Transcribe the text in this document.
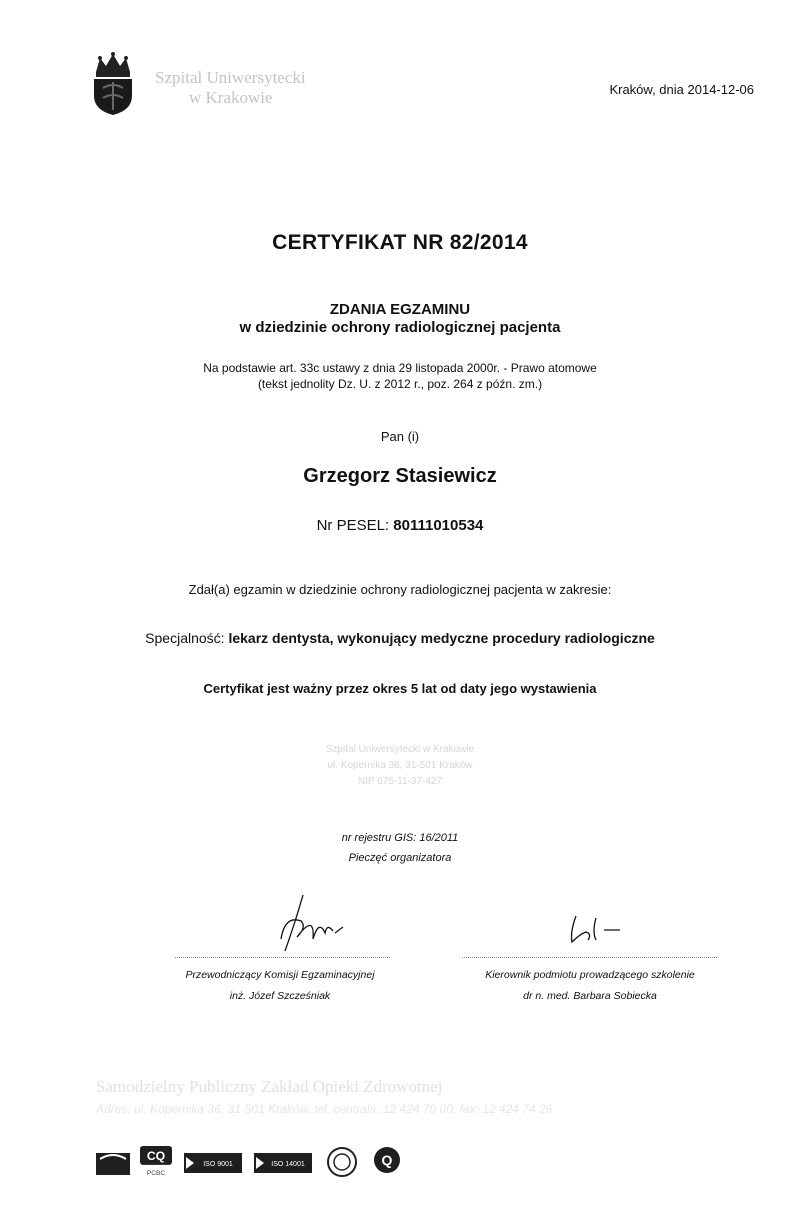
Szpital Uniwersytecki
w Krakowie	Kraków, dnia 2014-12-06
CERTYFIKAT NR 82/2014
ZDANIA EGZAMINU
w dziedzinie ochrony radiologicznej pacjenta
Na podstawie art. 33c ustawy z dnia 29 listopada 2000r. - Prawo atomowe
(tekst jednolity Dz. U. z 2012 r., poz. 264 z późn. zm.)
Pan (i)
Grzegorz Stasiewicz
Nr PESEL: 80111010534
Zdał(a) egzamin w dziedzinie ochrony radiologicznej pacjenta w zakresie:
Specjalność: lekarz dentysta, wykonujący medyczne procedury radiologiczne
Certyfikat jest ważny przez okres 5 lat od daty jego wystawienia
Szpital Uniwersytecki w Krakowie
ul. Kopernika 36, 31-501 Kraków
NIP 675-11-37-427
nr rejestru GIS: 16/2011
Pieczęć organizatora
Przewodniczący Komisji Egzaminacyjnej
inż. Józef Szcześniak
Kierownik podmiotu prowadzącego szkolenie
dr n. med. Barbara Sobiecka
Samodzielny Publiczny Zakład Opieki Zdrowotnej
Adres: ul. Kopernika 36, 31-501 Kraków, tel. centrala: 12 424 70 00, fax: 12 424 74 26
CQ
PCBC
ISO 9001	ISO 14001	Q
